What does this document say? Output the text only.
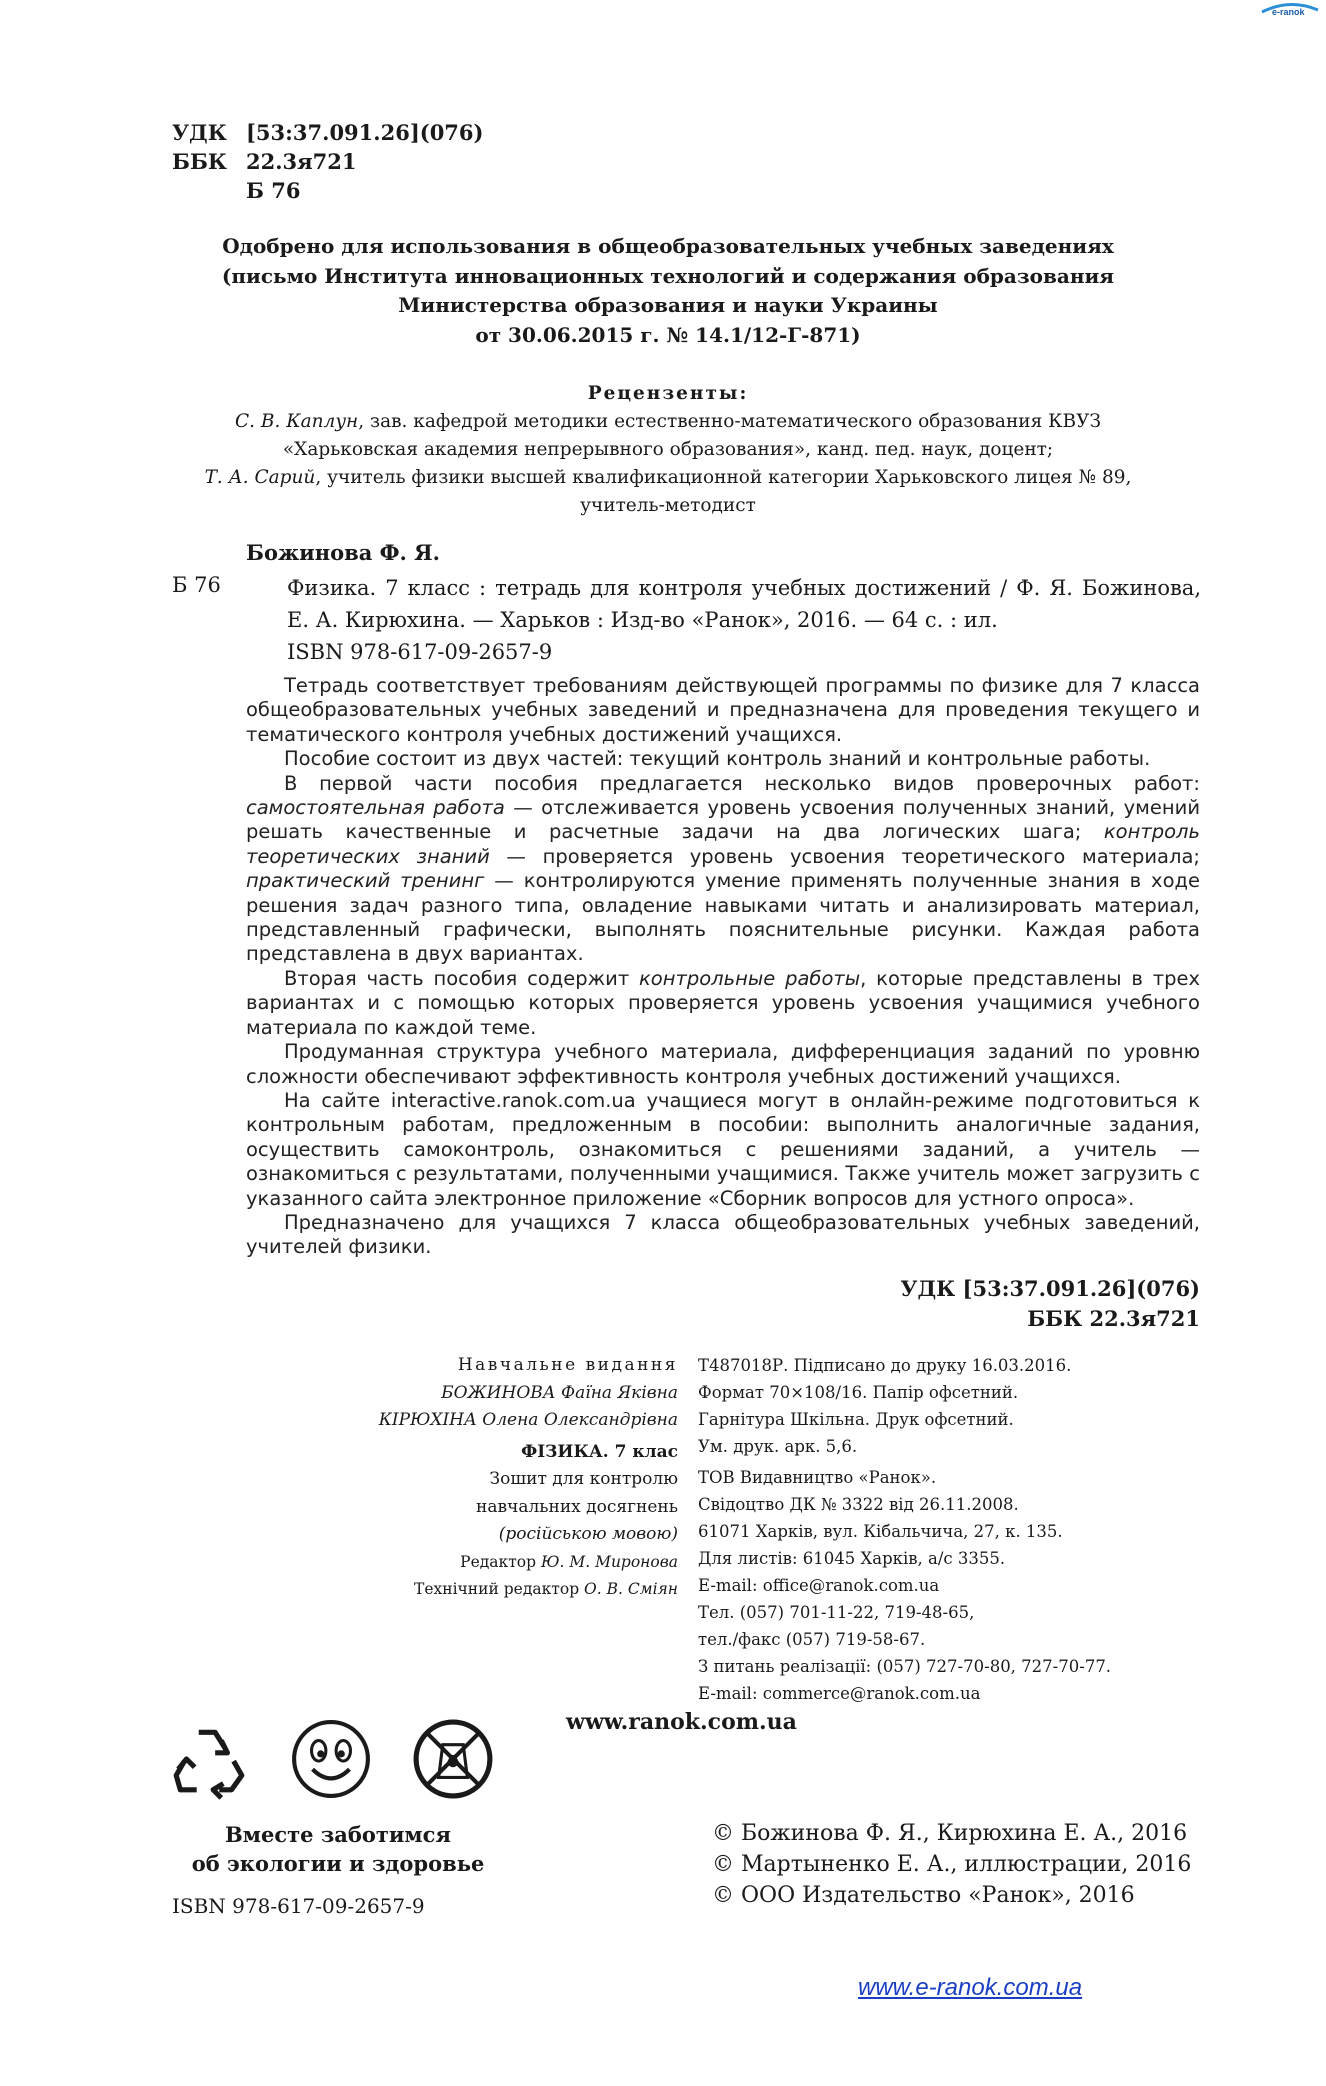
e-ranok
УДК [53:37.091.26](076)
ББК 22.3я721
Б 76
Одобрено для использования в общеобразовательных учебных заведениях
(письмо Института инновационных технологий и содержания образования
Министерства образования и науки Украины
от 30.06.2015 г. № 14.1/12-Г-871)
Рецензенты:
С. В. Каплун, зав. кафедрой методики естественно-математического образования КВУЗ
«Харьковская академия непрерывного образования», канд. пед. наук, доцент;
Т. А. Сарий, учитель физики высшей квалификационной категории Харьковского лицея № 89,
учитель-методист
Божинова Ф. Я.
Б 76	Физика. 7 класс : тетрадь для контроля учебных достижений / Ф. Я. Божинова, Е. А. Кирюхина. — Харьков : Изд-во «Ранок», 2016. — 64 с. : ил.
ISBN 978-617-09-2657-9

Тетрадь соответствует требованиям действующей программы по физике для 7 класса общеобразовательных учебных заведений и предназначена для проведения текущего и тематического контроля учебных достижений учащихся.

Пособие состоит из двух частей: текущий контроль знаний и контрольные работы.

В первой части пособия предлагается несколько видов проверочных работ: самостоятельная работа — отслеживается уровень усвоения полученных знаний, умений решать качественные и расчетные задачи на два логических шага; контроль теоретических знаний — проверяется уровень усвоения теоретического материала; практический тренинг — контролируются умение применять полученные знания в ходе решения задач разного типа, овладение навыками читать и анализировать материал, представленный графически, выполнять пояснительные рисунки. Каждая работа представлена в двух вариантах.

Вторая часть пособия содержит контрольные работы, которые представлены в трех вариантах и с помощью которых проверяется уровень усвоения учащимися учебного материала по каждой теме.

Продуманная структура учебного материала, дифференциация заданий по уровню сложности обеспечивают эффективность контроля учебных достижений учащихся.

На сайте interactive.ranok.com.ua учащиеся могут в онлайн-режиме подготовиться к контрольным работам, предложенным в пособии: выполнить аналогичные задания, осуществить самоконтроль, ознакомиться с решениями заданий, а учитель — ознакомиться с результатами, полученными учащимися. Также учитель может загрузить с указанного сайта электронное приложение «Сборник вопросов для устного опроса».

Предназначено для учащихся 7 класса общеобразовательных учебных заведений, учителей физики.

УДК [53:37.091.26](076)
ББК 22.3я721
Навчальне видання
БОЖИНОВА Фаїна Яківна
КІРЮХІНА Олена Олександрівна
ФІЗИКА. 7 клас
Зошит для контролю
навчальних досягнень
(російською мовою)
Редактор Ю. М. Миронова
Технічний редактор О. В. Сміян
Т487018Р. Підписано до друку 16.03.2016.
Формат 70×108/16. Папір офсетний.
Гарнітура Шкільна. Друк офсетний.
Ум. друк. арк. 5,6.
ТОВ Видавництво «Ранок».
Свідоцтво ДК № 3322 від 26.11.2008.
61071 Харків, вул. Кібальчича, 27, к. 135.
Для листів: 61045 Харків, а/с 3355.
E-mail: office@ranok.com.ua
Тел. (057) 701-11-22, 719-48-65,
тел./факс (057) 719-58-67.
З питань реалізації: (057) 727-70-80, 727-70-77.
E-mail: commerce@ranok.com.ua
www.ranok.com.ua
Вместе заботимся
об экологии и здоровье
ISBN 978-617-09-2657-9
© Божинова Ф. Я., Кирюхина Е. А., 2016
© Мартыненко Е. А., иллюстрации, 2016
© ООО Издательство «Ранок», 2016
www.e-ranok.com.ua
